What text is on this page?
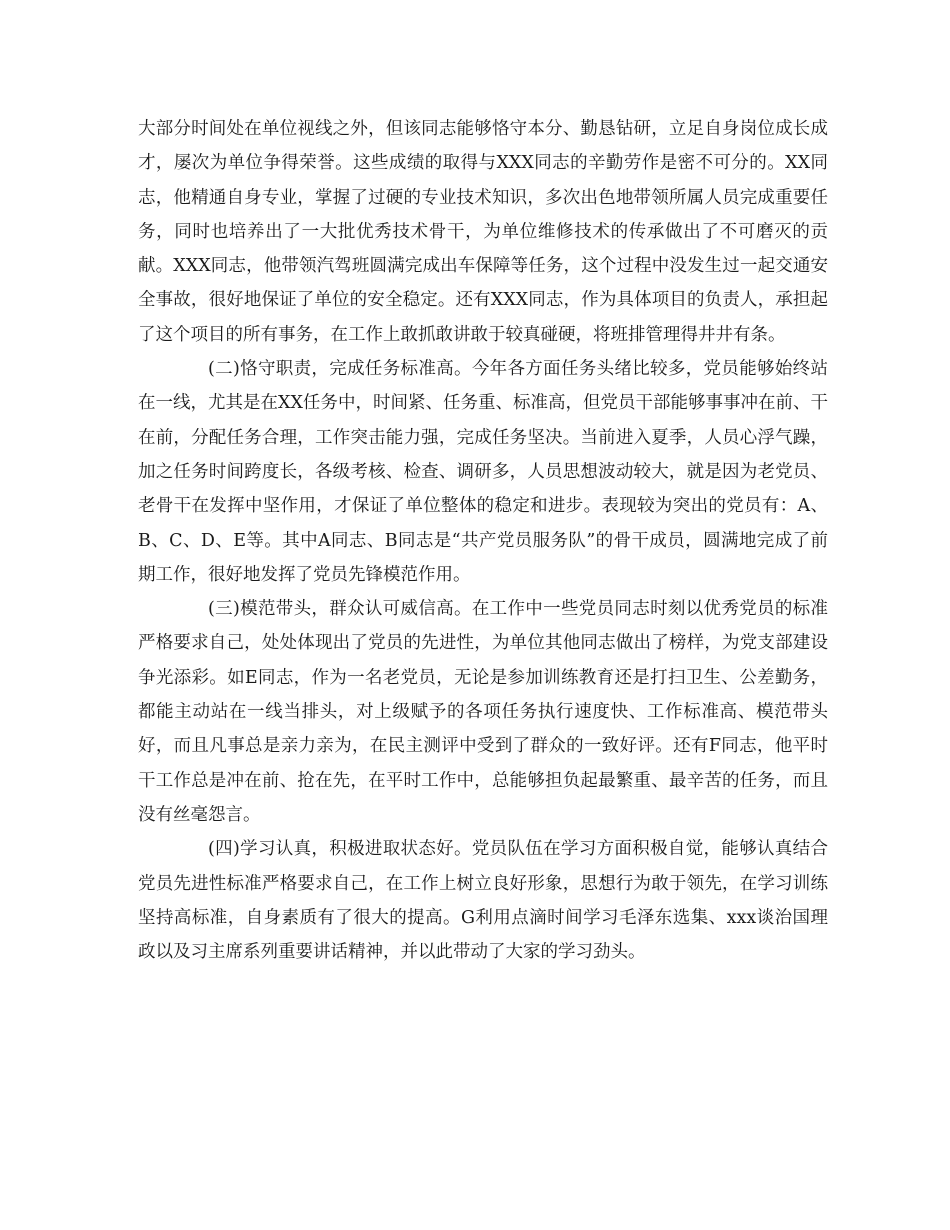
大部分时间处在单位视线之外，但该同志能够恪守本分、勤恳钻研，立足自身岗位成长成才，屡次为单位争得荣誉。这些成绩的取得与XXX同志的辛勤劳作是密不可分的。XX同志，他精通自身专业，掌握了过硬的专业技术知识，多次出色地带领所属人员完成重要任务，同时也培养出了一大批优秀技术骨干，为单位维修技术的传承做出了不可磨灭的贡献。XXX同志，他带领汽驾班圆满完成出车保障等任务，这个过程中没发生过一起交通安全事故，很好地保证了单位的安全稳定。还有XXX同志，作为具体项目的负责人，承担起了这个项目的所有事务，在工作上敢抓敢讲敢于较真碰硬，将班排管理得井井有条。

(二)恪守职责，完成任务标准高。今年各方面任务头绪比较多，党员能够始终站在一线，尤其是在XX任务中，时间紧、任务重、标准高，但党员干部能够事事冲在前、干在前，分配任务合理，工作突击能力强，完成任务坚决。当前进入夏季，人员心浮气躁，加之任务时间跨度长，各级考核、检查、调研多，人员思想波动较大，就是因为老党员、老骨干在发挥中坚作用，才保证了单位整体的稳定和进步。表现较为突出的党员有：A、B、C、D、E等。其中A同志、B同志是“共产党员服务队”的骨干成员，圆满地完成了前期工作，很好地发挥了党员先锋模范作用。

(三)模范带头，群众认可威信高。在工作中一些党员同志时刻以优秀党员的标准严格要求自己，处处体现出了党员的先进性，为单位其他同志做出了榜样，为党支部建设争光添彩。如E同志，作为一名老党员，无论是参加训练教育还是打扫卫生、公差勤务，都能主动站在一线当排头，对上级赋予的各项任务执行速度快、工作标准高、模范带头好，而且凡事总是亲力亲为，在民主测评中受到了群众的一致好评。还有F同志，他平时干工作总是冲在前、抢在先，在平时工作中，总能够担负起最繁重、最辛苦的任务，而且没有丝毫怨言。

(四)学习认真，积极进取状态好。党员队伍在学习方面积极自觉，能够认真结合党员先进性标准严格要求自己，在工作上树立良好形象，思想行为敢于领先，在学习训练坚持高标准，自身素质有了很大的提高。G利用点滴时间学习毛泽东选集、xxx谈治国理政以及习主席系列重要讲话精神，并以此带动了大家的学习劲头。
